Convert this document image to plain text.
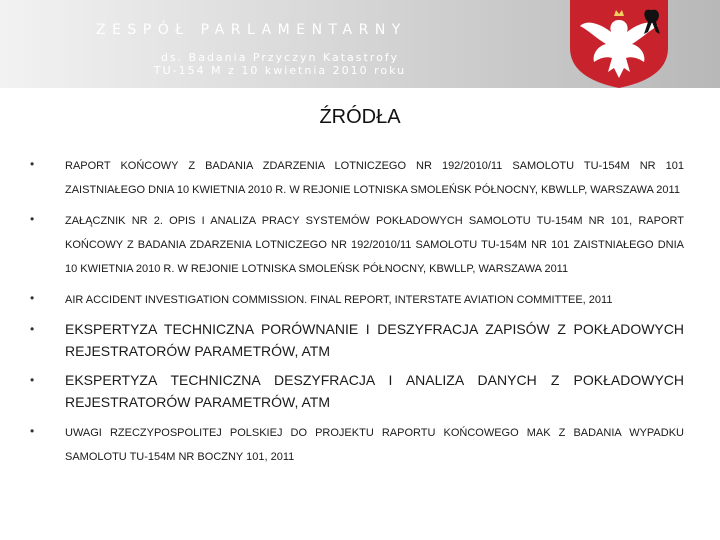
ZESPÓŁ PARLAMENTARNY
ds. Badania Przyczyn Katastrofy
TU-154 M z 10 kwietnia 2010 roku
ŹRÓDŁA
•	RAPORT KOŃCOWY Z BADANIA ZDARZENIA LOTNICZEGO NR 192/2010/11 SAMOLOTU TU-154M NR 101 ZAISTNIAŁEGO DNIA 10 KWIETNIA 2010 R. W REJONIE LOTNISKA SMOLEŃSK PÓŁNOCNY, KBWLLP, WARSZAWA 2011
•	ZAŁĄCZNIK NR 2. OPIS I ANALIZA PRACY SYSTEMÓW POKŁADOWYCH SAMOLOTU TU-154M NR 101, RAPORT KOŃCOWY Z BADANIA ZDARZENIA LOTNICZEGO NR 192/2010/11 SAMOLOTU TU-154M NR 101 ZAISTNIAŁEGO DNIA 10 KWIETNIA 2010 R. W REJONIE LOTNISKA SMOLEŃSK PÓŁNOCNY, KBWLLP, WARSZAWA 2011
•	AIR ACCIDENT INVESTIGATION COMMISSION. FINAL REPORT, INTERSTATE AVIATION COMMITTEE, 2011
• EKSPERTYZA TECHNICZNA PORÓWNANIE I DESZYFRACJA ZAPISÓW Z POKŁADOWYCH REJESTRATORÓW PARAMETRÓW, ATM
• EKSPERTYZA TECHNICZNA DESZYFRACJA I ANALIZA DANYCH Z POKŁADOWYCH REJESTRATORÓW PARAMETRÓW, ATM
•	UWAGI RZECZYPOSPOLITEJ POLSKIEJ DO PROJEKTU RAPORTU KOŃCOWEGO MAK Z BADANIA WYPADKU SAMOLOTU TU-154M NR BOCZNY 101, 2011
